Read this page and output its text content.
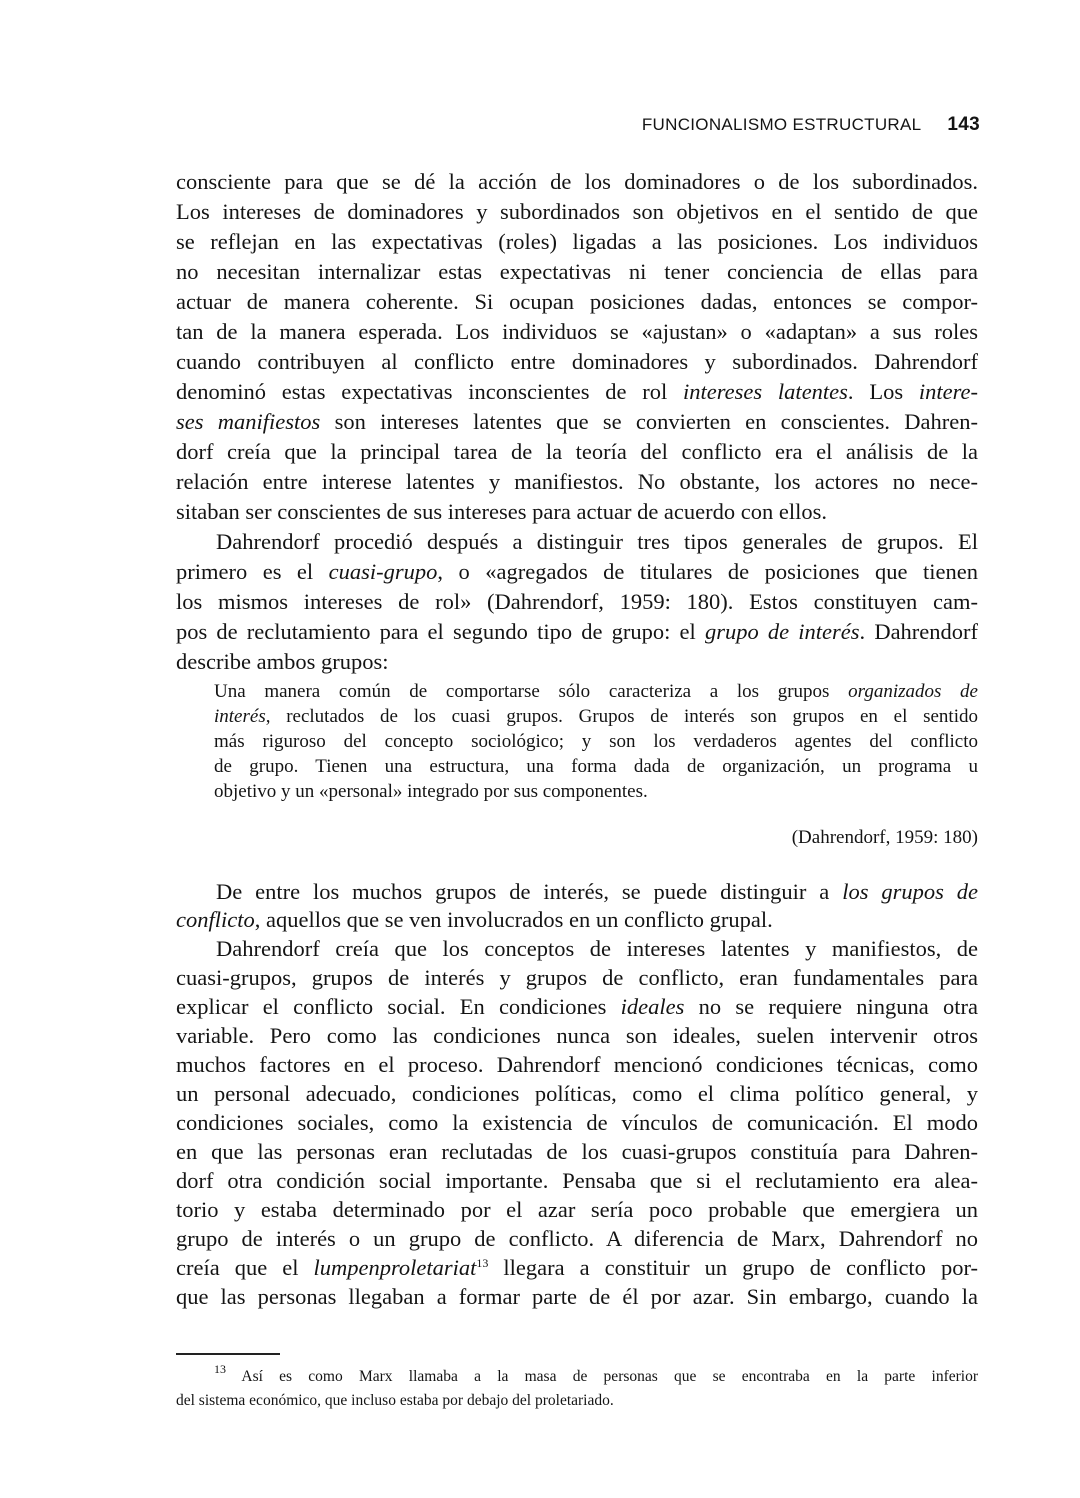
FUNCIONALISMO ESTRUCTURAL 143
consciente para que se dé la acción de los dominadores o de los subordinados.
Los intereses de dominadores y subordinados son objetivos en el sentido de que
se reflejan en las expectativas (roles) ligadas a las posiciones. Los individuos
no necesitan internalizar estas expectativas ni tener conciencia de ellas para
actuar de manera coherente. Si ocupan posiciones dadas, entonces se compor-
tan de la manera esperada. Los individuos se «ajustan» o «adaptan» a sus roles
cuando contribuyen al conflicto entre dominadores y subordinados. Dahrendorf
denominó estas expectativas inconscientes de rol intereses latentes. Los intere-
ses manifiestos son intereses latentes que se convierten en conscientes. Dahren-
dorf creía que la principal tarea de la teoría del conflicto era el análisis de la
relación entre interese latentes y manifiestos. No obstante, los actores no nece-
sitaban ser conscientes de sus intereses para actuar de acuerdo con ellos.
Dahrendorf procedió después a distinguir tres tipos generales de grupos. El
primero es el cuasi-grupo, o «agregados de titulares de posiciones que tienen
los mismos intereses de rol» (Dahrendorf, 1959: 180). Estos constituyen cam-
pos de reclutamiento para el segundo tipo de grupo: el grupo de interés. Dahrendorf
describe ambos grupos:
Una manera común de comportarse sólo caracteriza a los grupos organizados de
interés, reclutados de los cuasi grupos. Grupos de interés son grupos en el sentido
más riguroso del concepto sociológico; y son los verdaderos agentes del conflicto
de grupo. Tienen una estructura, una forma dada de organización, un programa u
objetivo y un «personal» integrado por sus componentes.
(Dahrendorf, 1959: 180)
De entre los muchos grupos de interés, se puede distinguir a los grupos de
conflicto, aquellos que se ven involucrados en un conflicto grupal.
Dahrendorf creía que los conceptos de intereses latentes y manifiestos, de
cuasi-grupos, grupos de interés y grupos de conflicto, eran fundamentales para
explicar el conflicto social. En condiciones ideales no se requiere ninguna otra
variable. Pero como las condiciones nunca son ideales, suelen intervenir otros
muchos factores en el proceso. Dahrendorf mencionó condiciones técnicas, como
un personal adecuado, condiciones políticas, como el clima político general, y
condiciones sociales, como la existencia de vínculos de comunicación. El modo
en que las personas eran reclutadas de los cuasi-grupos constituía para Dahren-
dorf otra condición social importante. Pensaba que si el reclutamiento era alea-
torio y estaba determinado por el azar sería poco probable que emergiera un
grupo de interés o un grupo de conflicto. A diferencia de Marx, Dahrendorf no
creía que el lumpenproletariat$^{13}$ llegara a constituir un grupo de conflicto por-
que las personas llegaban a formar parte de él por azar. Sin embargo, cuando la
$^{13}$ Así es como Marx llamaba a la masa de personas que se encontraba en la parte inferior
del sistema económico, que incluso estaba por debajo del proletariado.
